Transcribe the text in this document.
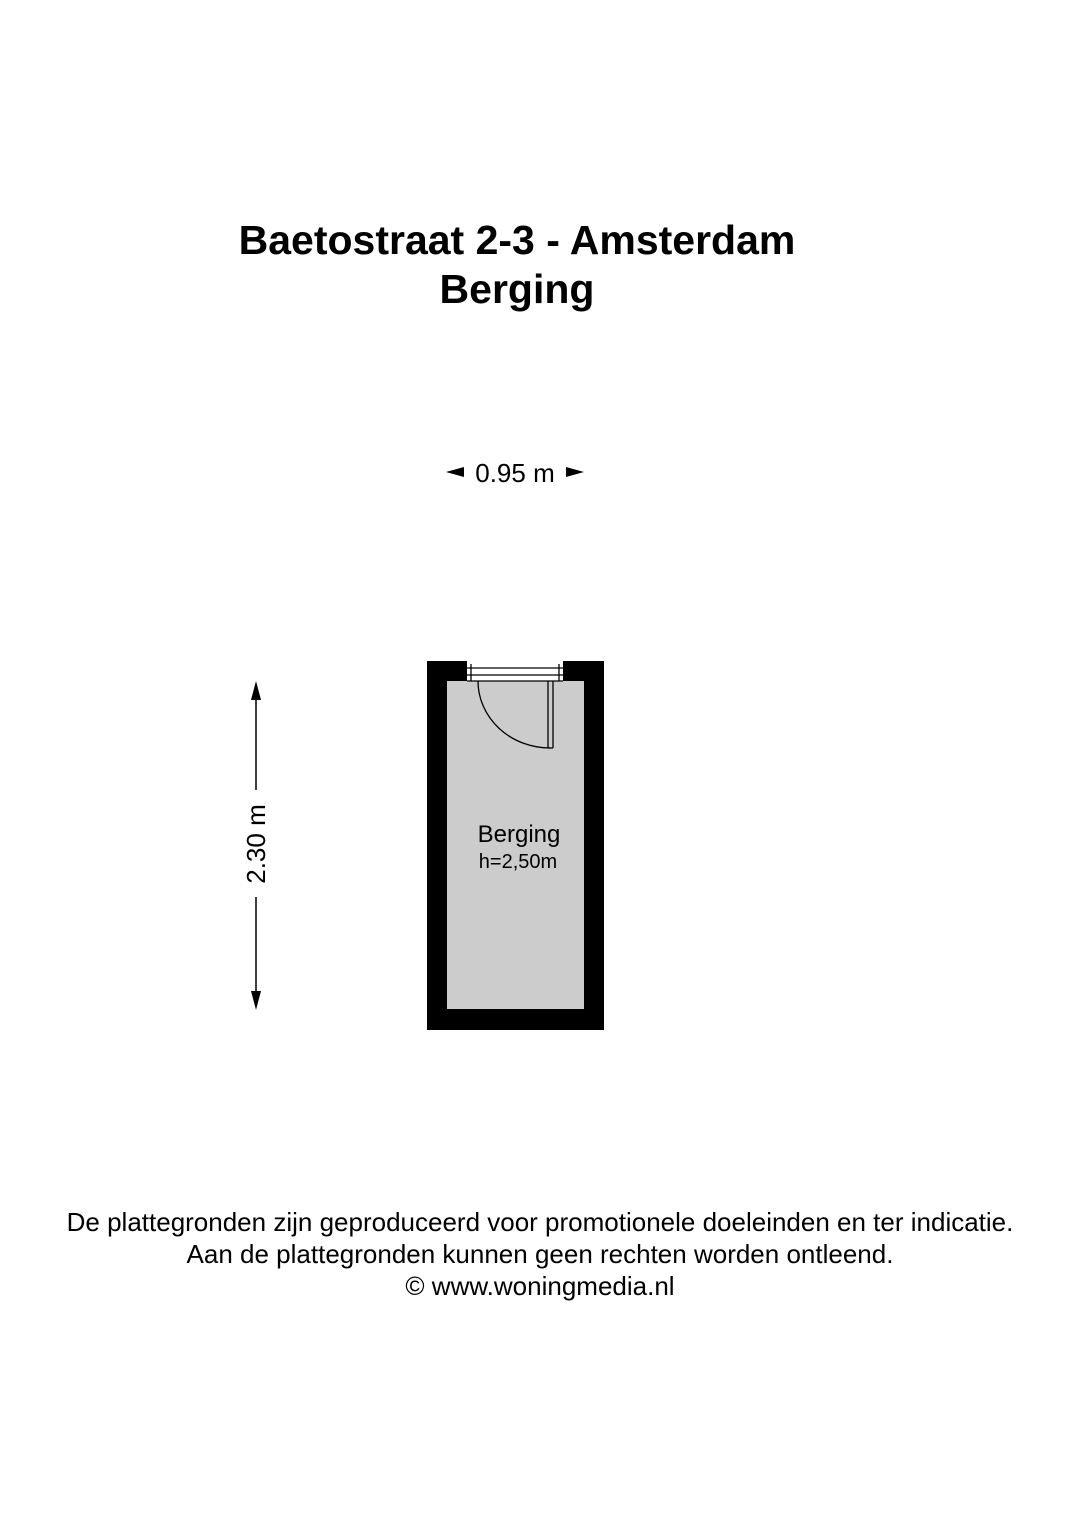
Baetostraat 2-3 - Amsterdam
Berging
0.95 m
2.30 m	Berging
h=2,50m
De plattegronden zijn geproduceerd voor promotionele doeleinden en ter indicatie.
Aan de plattegronden kunnen geen rechten worden ontleend.
© www.woningmedia.nl
